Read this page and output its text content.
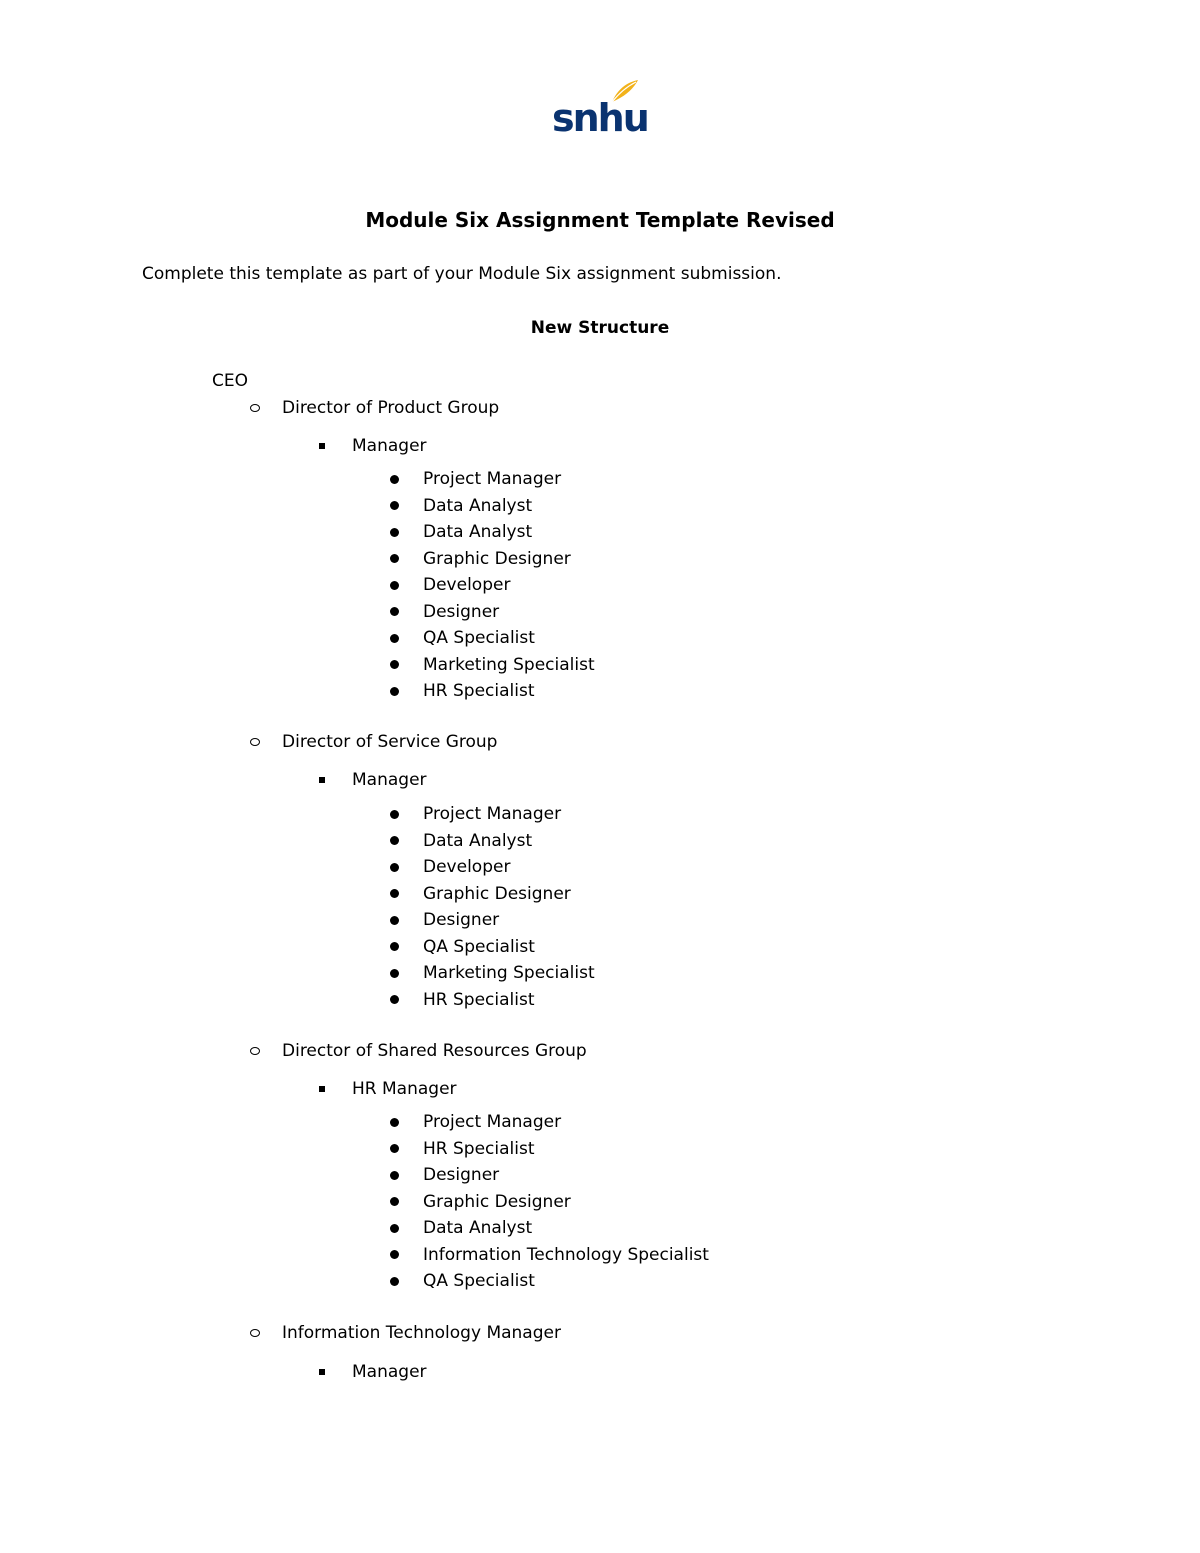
snhu
Module Six Assignment Template Revised
Complete this template as part of your Module Six assignment submission.
New Structure
CEO
Director of Product Group
Manager
Project Manager
Data Analyst
Data Analyst
Graphic Designer
Developer
Designer
QA Specialist
Marketing Specialist
HR Specialist
Director of Service Group
Manager
Project Manager
Data Analyst
Developer
Graphic Designer
Designer
QA Specialist
Marketing Specialist
HR Specialist
Director of Shared Resources Group
HR Manager
Project Manager
HR Specialist
Designer
Graphic Designer
Data Analyst
Information Technology Specialist
QA Specialist
Information Technology Manager
Manager
